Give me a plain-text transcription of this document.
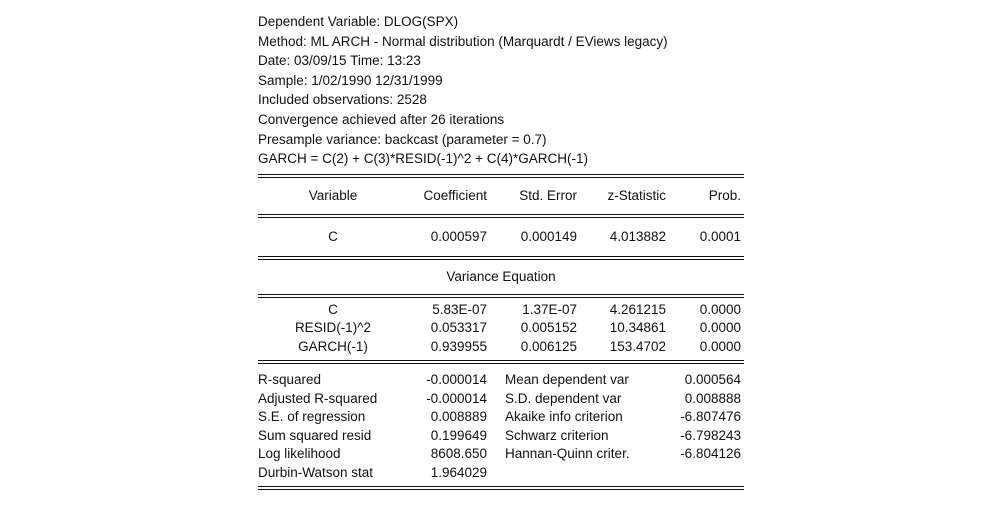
Dependent Variable: DLOG(SPX)
Method: ML ARCH - Normal distribution (Marquardt / EViews legacy)
Date: 03/09/15 Time: 13:23
Sample: 1/02/1990 12/31/1999
Included observations: 2528
Convergence achieved after 26 iterations
Presample variance: backcast (parameter = 0.7)
GARCH = C(2) + C(3)*RESID(-1)^2 + C(4)*GARCH(-1)
Variable	Coefficient	Std. Error	z-Statistic	Prob.
C	0.000597	0.000149	4.013882	0.0001
Variance Equation
C	5.83E-07	1.37E-07	4.261215	0.0000
RESID(-1)^2	0.053317	0.005152	10.34861	0.0000
GARCH(-1)	0.939955	0.006125	153.4702	0.0000
R-squared	-0.000014 Mean dependent var	0.000564
Adjusted R-squared	-0.000014 S.D. dependent var	0.008888
S.E. of regression	0.008889 Akaike info criterion	-6.807476
Sum squared resid	0.199649 Schwarz criterion	-6.798243
Log likelihood	8608.650 Hannan-Quinn criter.	-6.804126
Durbin-Watson stat	1.964029
